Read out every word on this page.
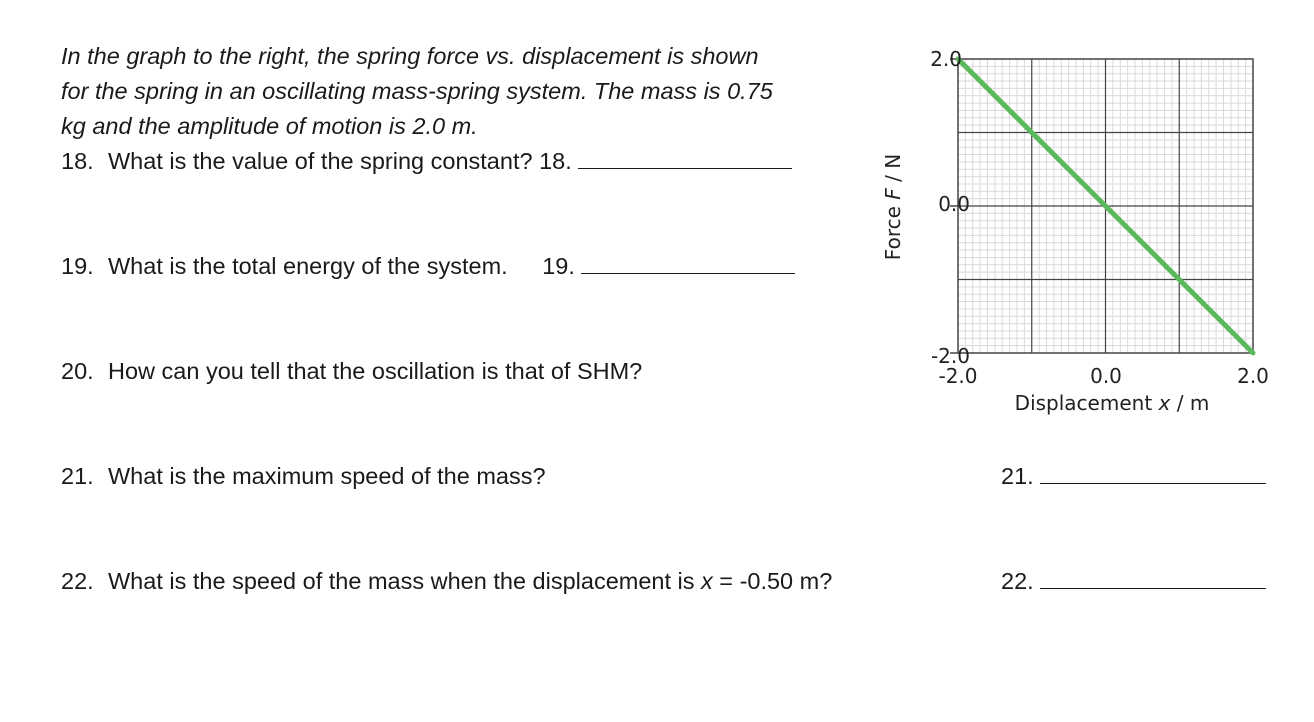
In the graph to the right, the spring force vs. displacement is shown
for the spring in an oscillating mass-spring system. The mass is 0.75
kg and the amplitude of motion is 2.0 m.
18. What is the value of the spring constant? 18.
19. What is the total energy of the system. 19.
20. How can you tell that the oscillation is that of SHM?
21. What is the maximum speed of the mass?	21.
22. What is the speed of the mass when the displacement is x = -0.50 m?	22.
2.0
0.0
-2.0
-2.0	0.0	2.0
Displacement x / m
Force F / N
